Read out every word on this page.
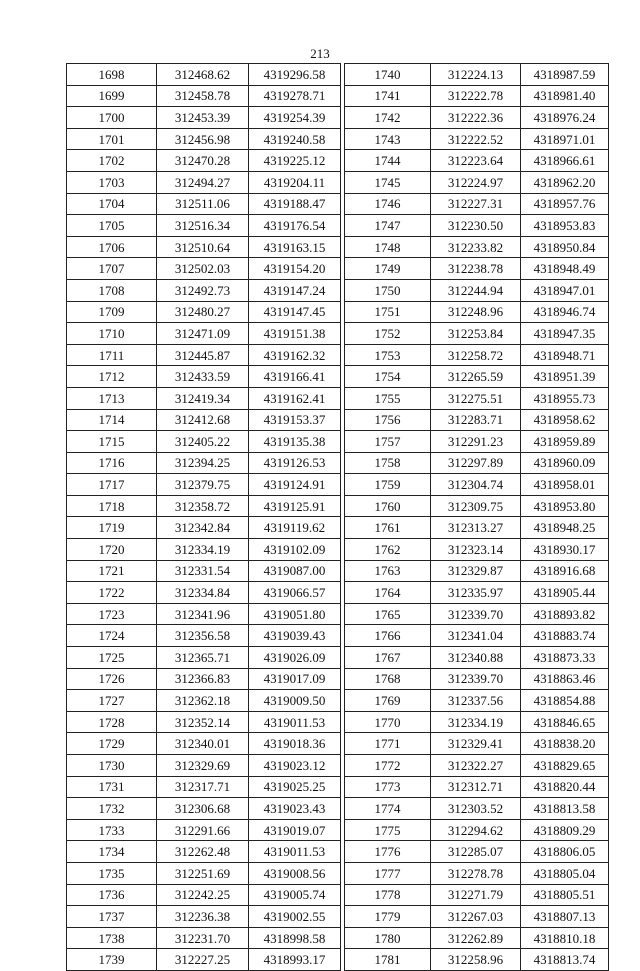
213
1698	312468.62	4319296.58
1699	312458.78	4319278.71
1700	312453.39	4319254.39
1701	312456.98	4319240.58
1702	312470.28	4319225.12
1703	312494.27	4319204.11
1704	312511.06	4319188.47
1705	312516.34	4319176.54
1706	312510.64	4319163.15
1707	312502.03	4319154.20
1708	312492.73	4319147.24
1709	312480.27	4319147.45
1710	312471.09	4319151.38
1711	312445.87	4319162.32
1712	312433.59	4319166.41
1713	312419.34	4319162.41
1714	312412.68	4319153.37
1715	312405.22	4319135.38
1716	312394.25	4319126.53
1717	312379.75	4319124.91
1718	312358.72	4319125.91
1719	312342.84	4319119.62
1720	312334.19	4319102.09
1721	312331.54	4319087.00
1722	312334.84	4319066.57
1723	312341.96	4319051.80
1724	312356.58	4319039.43
1725	312365.71	4319026.09
1726	312366.83	4319017.09
1727	312362.18	4319009.50
1728	312352.14	4319011.53
1729	312340.01	4319018.36
1730	312329.69	4319023.12
1731	312317.71	4319025.25
1732	312306.68	4319023.43
1733	312291.66	4319019.07
1734	312262.48	4319011.53
1735	312251.69	4319008.56
1736	312242.25	4319005.74
1737	312236.38	4319002.55
1738	312231.70	4318998.58
1739	312227.25	4318993.17
1740	312224.13	4318987.59
1741	312222.78	4318981.40
1742	312222.36	4318976.24
1743	312222.52	4318971.01
1744	312223.64	4318966.61
1745	312224.97	4318962.20
1746	312227.31	4318957.76
1747	312230.50	4318953.83
1748	312233.82	4318950.84
1749	312238.78	4318948.49
1750	312244.94	4318947.01
1751	312248.96	4318946.74
1752	312253.84	4318947.35
1753	312258.72	4318948.71
1754	312265.59	4318951.39
1755	312275.51	4318955.73
1756	312283.71	4318958.62
1757	312291.23	4318959.89
1758	312297.89	4318960.09
1759	312304.74	4318958.01
1760	312309.75	4318953.80
1761	312313.27	4318948.25
1762	312323.14	4318930.17
1763	312329.87	4318916.68
1764	312335.97	4318905.44
1765	312339.70	4318893.82
1766	312341.04	4318883.74
1767	312340.88	4318873.33
1768	312339.70	4318863.46
1769	312337.56	4318854.88
1770	312334.19	4318846.65
1771	312329.41	4318838.20
1772	312322.27	4318829.65
1773	312312.71	4318820.44
1774	312303.52	4318813.58
1775	312294.62	4318809.29
1776	312285.07	4318806.05
1777	312278.78	4318805.04
1778	312271.79	4318805.51
1779	312267.03	4318807.13
1780	312262.89	4318810.18
1781	312258.96	4318813.74
